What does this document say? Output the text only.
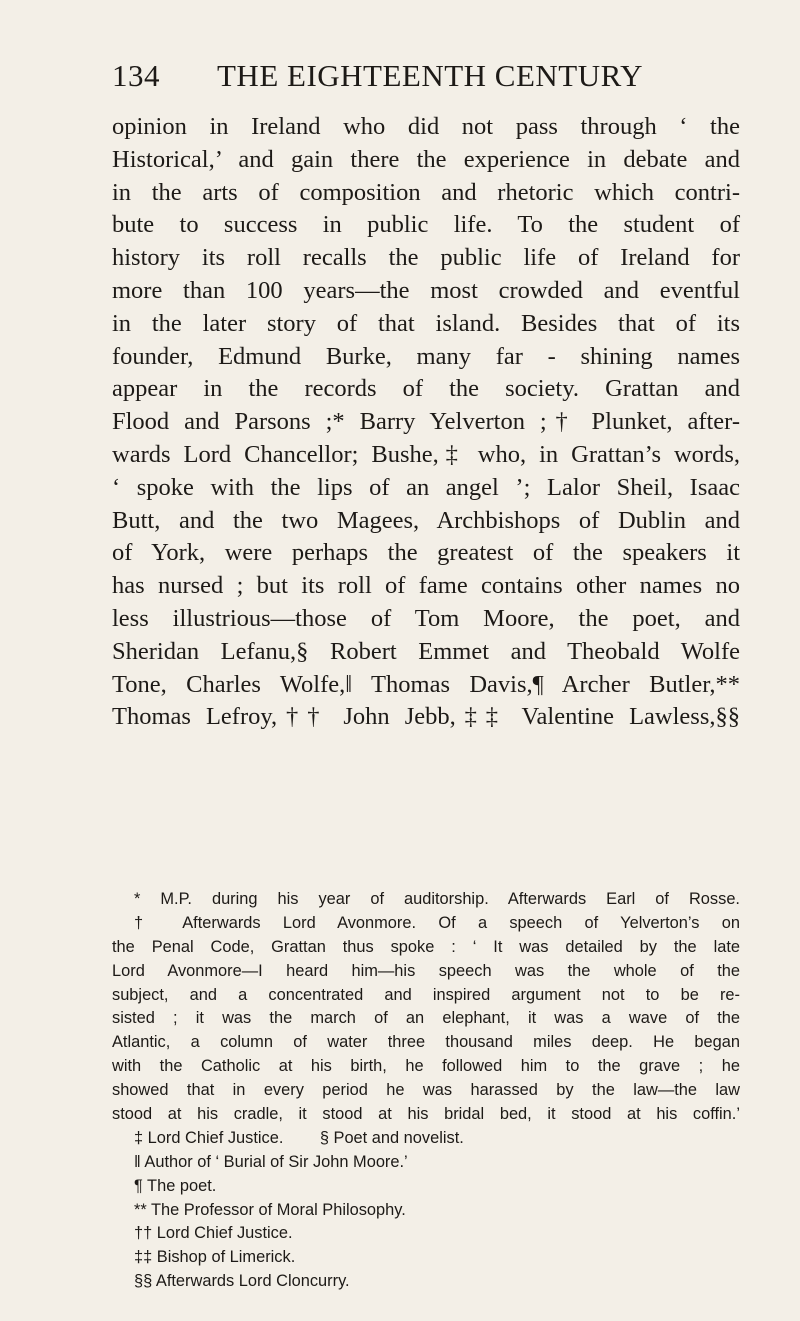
134 THE EIGHTEENTH CENTURY
opinion in Ireland who did not pass through ‘ the
Historical,’ and gain there the experience in debate and
in the arts of composition and rhetoric which contri-
bute to success in public life. To the student of
history its roll recalls the public life of Ireland for
more than 100 years—the most crowded and eventful
in the later story of that island. Besides that of its
founder, Edmund Burke, many far - shining names
appear in the records of the society. Grattan and
Flood and Parsons ;* Barry Yelverton ;† Plunket, after-
wards Lord Chancellor; Bushe,‡ who, in Grattan’s words,
‘ spoke with the lips of an angel ’; Lalor Sheil, Isaac
Butt, and the two Magees, Archbishops of Dublin and
of York, were perhaps the greatest of the speakers it
has nursed ; but its roll of fame contains other names no
less illustrious—those of Tom Moore, the poet, and
Sheridan Lefanu,§ Robert Emmet and Theobald Wolfe
Tone, Charles Wolfe,‖ Thomas Davis,¶ Archer Butler,**
Thomas Lefroy,†† John Jebb,‡‡ Valentine Lawless,§§
* M.P. during his year of auditorship. Afterwards Earl of Rosse.
† Afterwards Lord Avonmore. Of a speech of Yelverton’s on
the Penal Code, Grattan thus spoke : ‘ It was detailed by the late
Lord Avonmore—I heard him—his speech was the whole of the
subject, and a concentrated and inspired argument not to be re-
sisted ; it was the march of an elephant, it was a wave of the
Atlantic, a column of water three thousand miles deep. He began
with the Catholic at his birth, he followed him to the grave ; he
showed that in every period he was harassed by the law—the law
stood at his cradle, it stood at his bridal bed, it stood at his coffin.’
‡ Lord Chief Justice.        § Poet and novelist.
‖ Author of ‘ Burial of Sir John Moore.’
¶ The poet.
** The Professor of Moral Philosophy.
†† Lord Chief Justice.
‡‡ Bishop of Limerick.
§§ Afterwards Lord Cloncurry.
